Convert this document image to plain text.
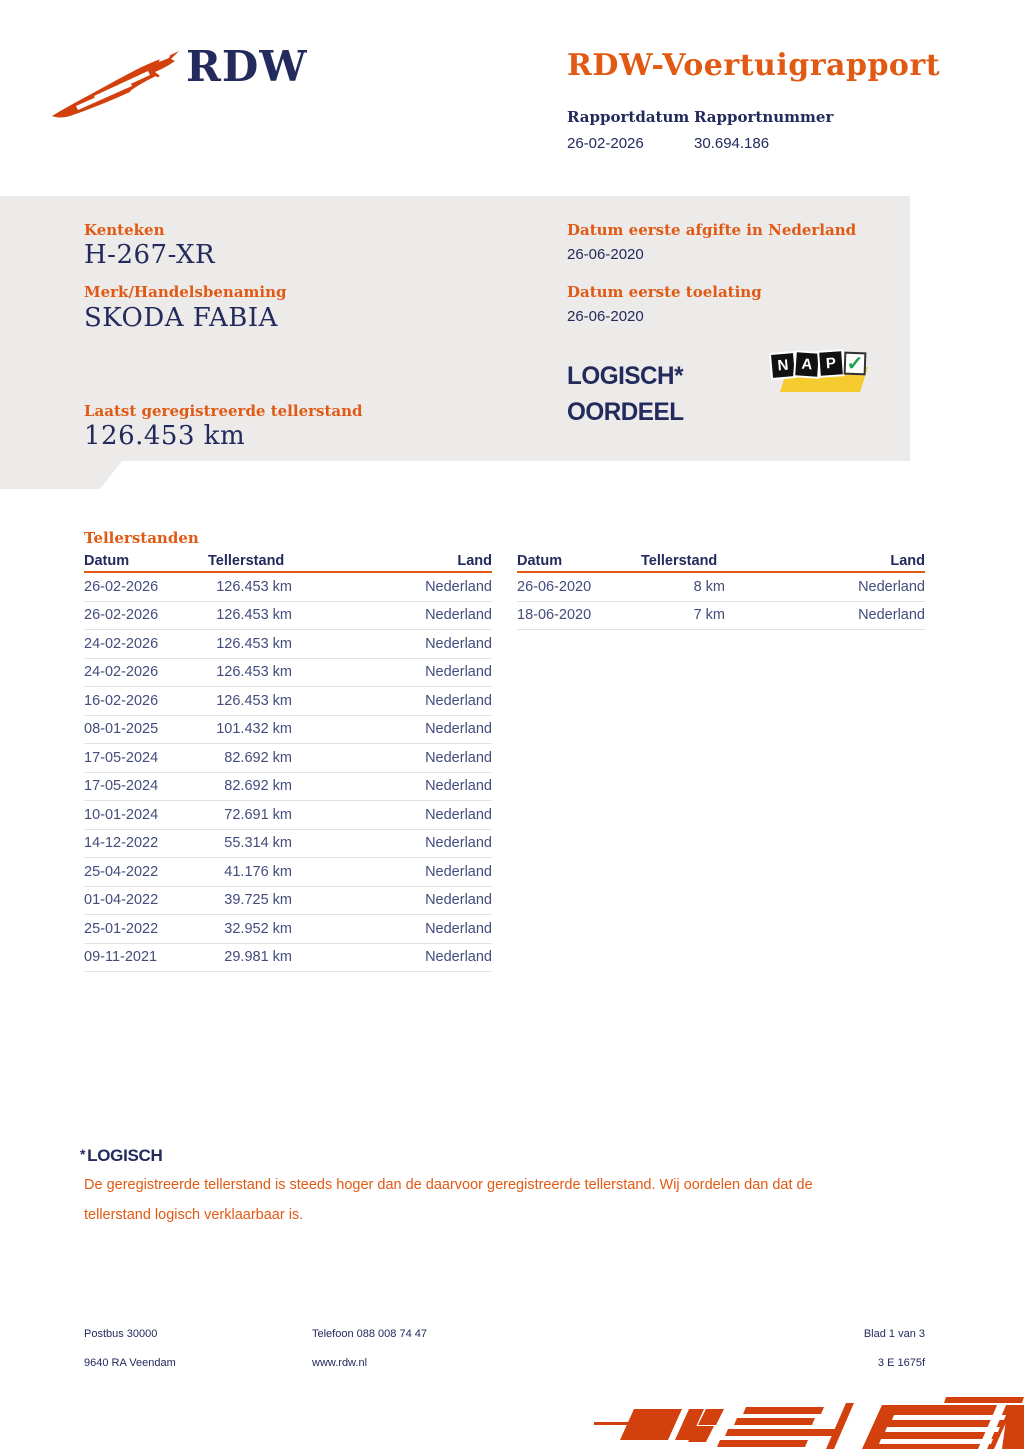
RDW	RDW-Voertuigrapport
Rapportdatum Rapportnummer
26-02-2026	30.694.186
Kenteken
H-267-XR
Merk/Handelsbenaming
SKODA FABIA
Laatst geregistreerde tellerstand
126.453 km
Datum eerste afgifte in Nederland
26-06-2020
Datum eerste toelating
26-06-2020
LOGISCH*
OORDEEL
N A P ✓
Tellerstanden
Datum	Tellerstand	Land
26-02-2026	126.453 km	Nederland
26-02-2026	126.453 km	Nederland
24-02-2026	126.453 km	Nederland
24-02-2026	126.453 km	Nederland
16-02-2026	126.453 km	Nederland
08-01-2025	101.432 km	Nederland
17-05-2024	82.692 km	Nederland
17-05-2024	82.692 km	Nederland
10-01-2024	72.691 km	Nederland
14-12-2022	55.314 km	Nederland
25-04-2022	41.176 km	Nederland
01-04-2022	39.725 km	Nederland
25-01-2022	32.952 km	Nederland
09-11-2021	29.981 km	Nederland
Datum	Tellerstand	Land
26-06-2020	8 km	Nederland
18-06-2020	7 km	Nederland
* LOGISCH
De geregistreerde tellerstand is steeds hoger dan de daarvoor geregistreerde tellerstand. Wij oordelen dan dat de tellerstand logisch verklaarbaar is.
Postbus 30000
9640 RA Veendam
Telefoon 088 008 74 47
www.rdw.nl
Blad 1 van 3
3 E 1675f
